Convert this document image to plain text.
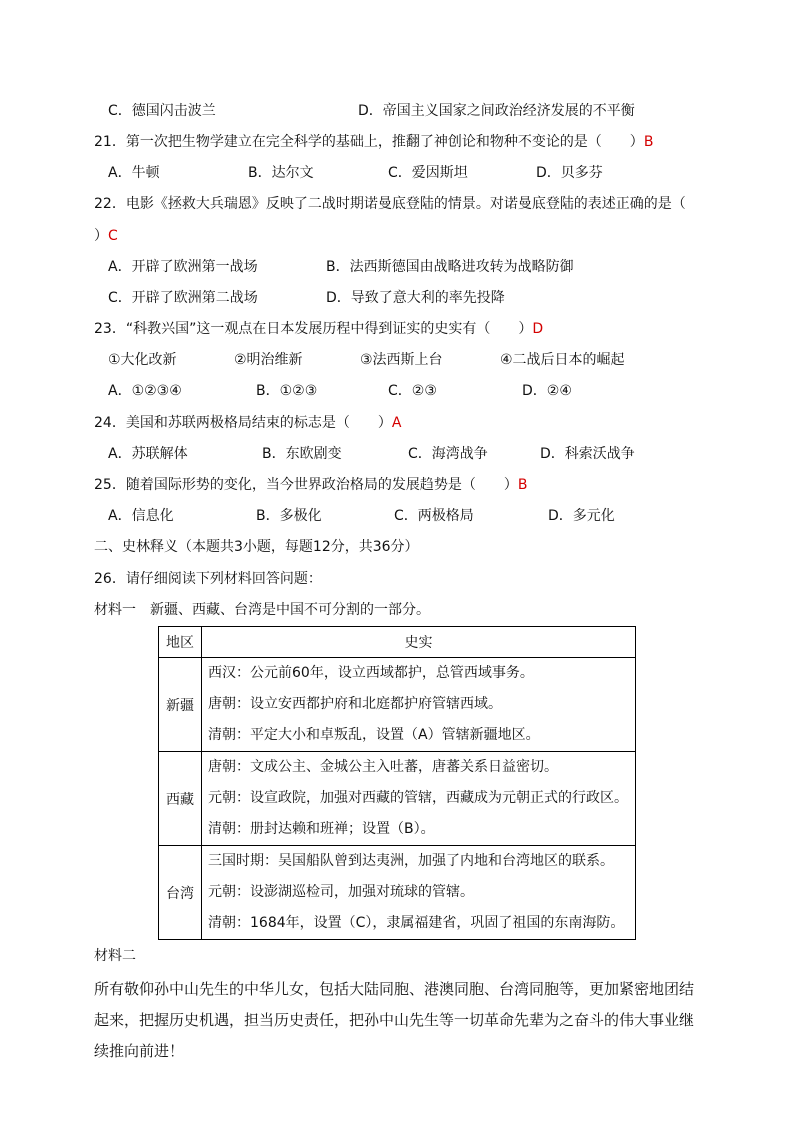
C．德国闪击波兰	D．帝国主义国家之间政治经济发展的不平衡
21．第一次把生物学建立在完全科学的基础上，推翻了神创论和物种不变论的是（　　）B
A．牛顿	B．达尔文	C．爱因斯坦	D．贝多芬
22．电影《拯救大兵瑞恩》反映了二战时期诺曼底登陆的情景。对诺曼底登陆的表述正确的是（
）C
A．开辟了欧洲第一战场	B．法西斯德国由战略进攻转为战略防御
C．开辟了欧洲第二战场	D．导致了意大利的率先投降
23．“科教兴国”这一观点在日本发展历程中得到证实的史实有（　　）D
①大化改新	②明治维新	③法西斯上台	④二战后日本的崛起
A．①②③④	B．①②③	C．②③	D．②④
24．美国和苏联两极格局结束的标志是（　　）A
A．苏联解体	B．东欧剧变	C．海湾战争	D．科索沃战争
25．随着国际形势的变化，当今世界政治格局的发展趋势是（　　）B
A．信息化	B．多极化	C．两极格局	D．多元化
二、史林释义（本题共3小题，每题12分，共36分）
26．请仔细阅读下列材料回答问题：
材料一　新疆、西藏、台湾是中国不可分割的一部分。
地区	史实
新疆	西汉：公元前60年，设立西域都护，总管西域事务。
唐朝：设立安西都护府和北庭都护府管辖西域。
清朝：平定大小和卓叛乱，设置（A）管辖新疆地区。

西藏	唐朝：文成公主、金城公主入吐蕃，唐蕃关系日益密切。
元朝：设宣政院，加强对西藏的管辖，西藏成为元朝正式的行政区。
清朝：册封达赖和班禅；设置（B）。

台湾	三国时期：吴国船队曾到达夷洲，加强了内地和台湾地区的联系。
元朝：设澎湖巡检司，加强对琉球的管辖。
清朝：1684年，设置（C），隶属福建省，巩固了祖国的东南海防。
材料二
所有敬仰孙中山先生的中华儿女，包括大陆同胞、港澳同胞、台湾同胞等，更加紧密地团结起来，把握历史机遇，担当历史责任，把孙中山先生等一切革命先辈为之奋斗的伟大事业继续推向前进！
